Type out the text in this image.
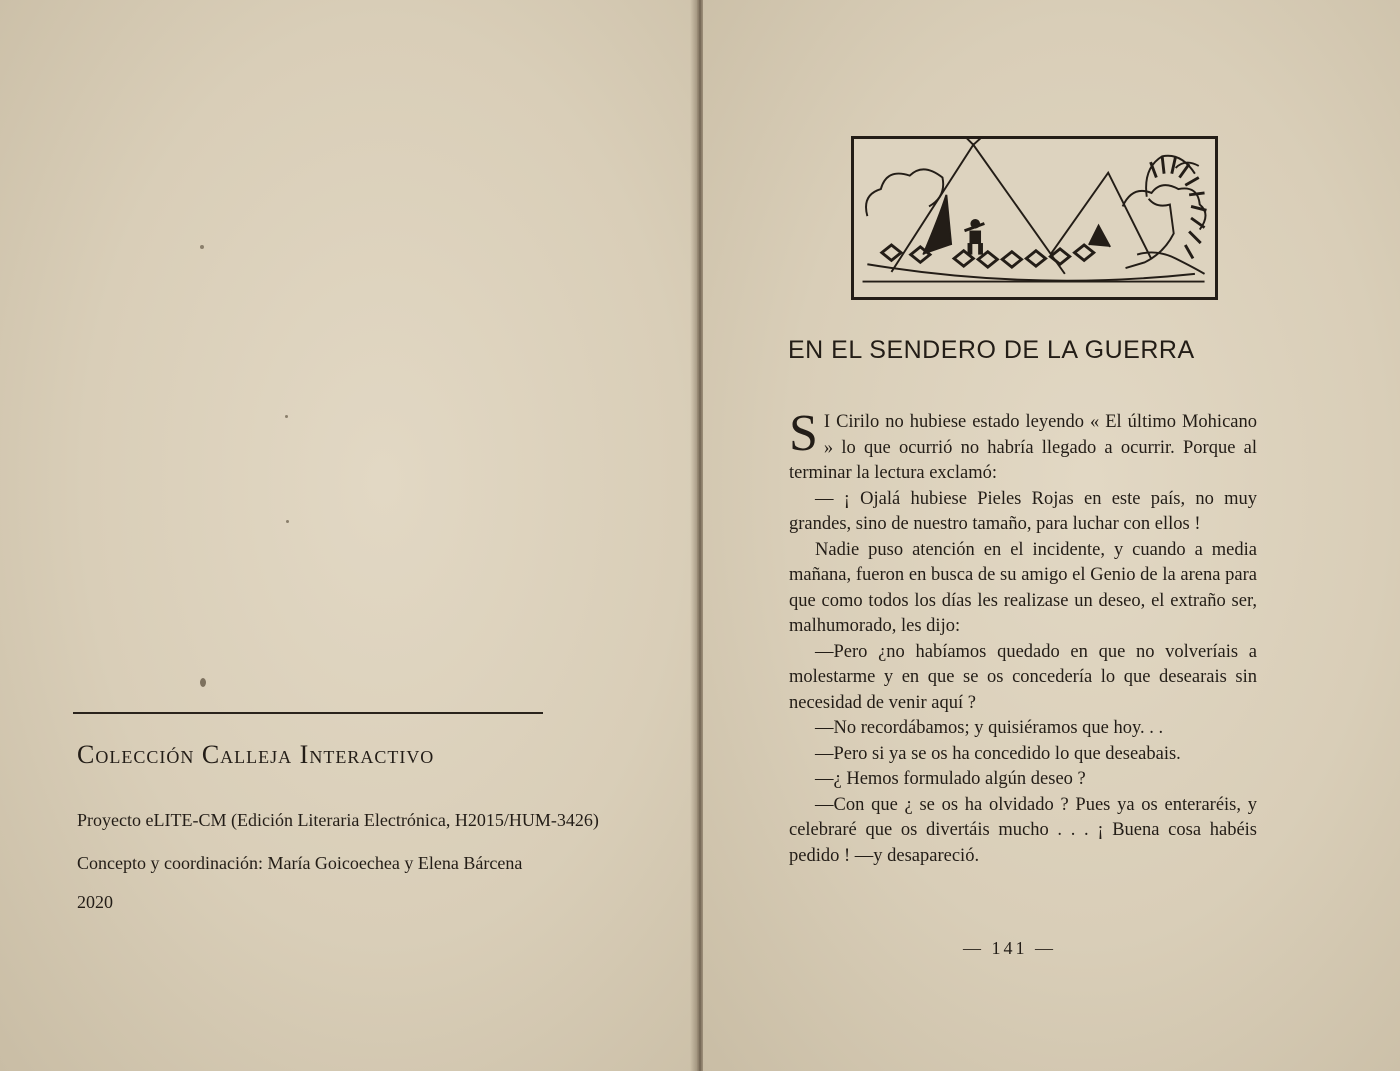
Colección Calleja Interactivo
Proyecto eLITE-CM (Edición Literaria Electrónica, H2015/HUM-3426)
Concepto y coordinación: María Goicoechea y Elena Bárcena
2020
EN EL SENDERO DE LA GUERRA

S I Cirilo no hubiese estado leyendo « El último Mohicano » lo que ocurrió no habría llegado a ocurrir. Porque al terminar la lectura exclamó:

— ¡ Ojalá hubiese Pieles Rojas en este país, no muy grandes, sino de nuestro tamaño, para luchar con ellos !

Nadie puso atención en el incidente, y cuando a media mañana, fueron en busca de su amigo el Genio de la arena para que como todos los días les realizase un deseo, el extraño ser, malhumorado, les dijo:

—Pero ¿no habíamos quedado en que no volveríais a molestarme y en que se os concedería lo que desearais sin necesidad de venir aquí ?

—No recordábamos; y quisiéramos que hoy. . .

—Pero si ya se os ha concedido lo que deseabais.

—¿ Hemos formulado algún deseo ?

—Con que ¿ se os ha olvidado ? Pues ya os enteraréis, y celebraré que os divertáis mucho . . . ¡ Buena cosa habéis pedido ! —y desapareció.

— 141 —
